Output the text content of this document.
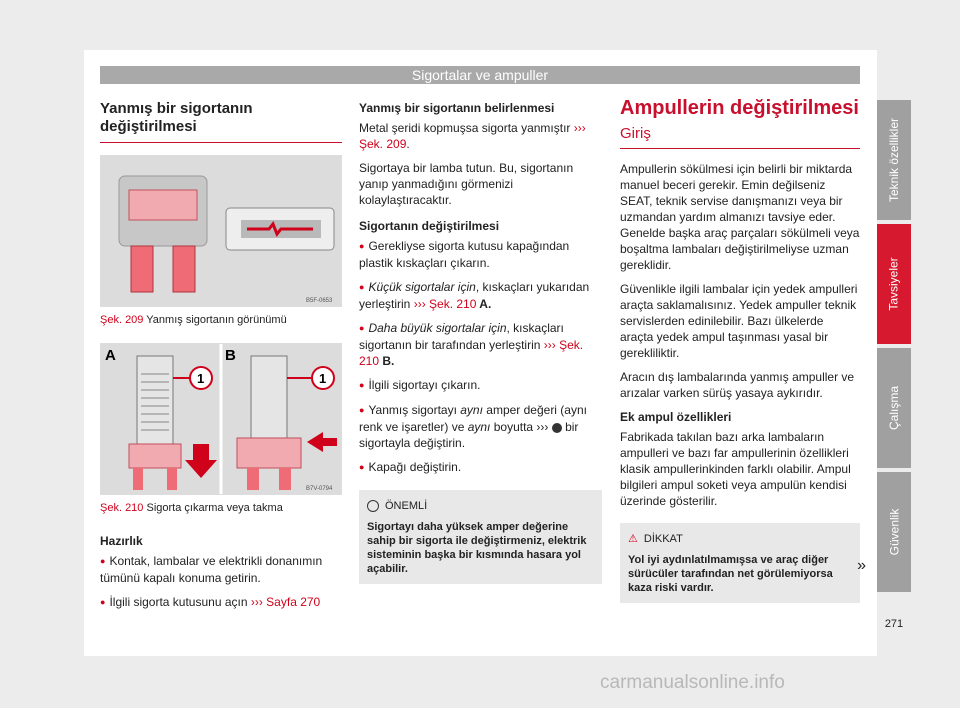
Sigortalar ve ampuller
Yanmış bir sigortanın değiştirilmesi
B5F-0653
Şek. 209 Yanmış sigortanın görünümü
A	B
1	1
B7V-0794
Şek. 210 Sigorta çıkarma veya takma

Hazırlık

● Kontak, lambalar ve elektrikli donanımın tümünü kapalı konuma getirin.

● İlgili sigorta kutusunu açın ››› Sayfa 270

Yanmış bir sigortanın belirlenmesi

Metal şeridi kopmuşsa sigorta yanmıştır ››› Şek. 209.

Sigortaya bir lamba tutun. Bu, sigortanın yanıp yanmadığını görmenizi kolaylaştıracaktır.

Sigortanın değiştirilmesi

● Gerekliyse sigorta kutusu kapağından plastik kıskaçları çıkarın.

● Küçük sigortalar için, kıskaçları yukarıdan yerleştirin ››› Şek. 210 A.

● Daha büyük sigortalar için, kıskaçları sigortanın bir tarafından yerleştirin ››› Şek. 210 B.

● İlgili sigortayı çıkarın.

● Yanmış sigortayı aynı amper değeri (aynı renk ve işaretler) ve aynı boyutta ›››  bir sigortayla değiştirin.

● Kapağı değiştirin.

ÖNEMLİ
Sigortayı daha yüksek amper değerine sahip bir sigorta ile değiştirmeniz, elektrik sisteminin başka bir kısmında hasara yol açabilir.
Ampullerin değiştirilmesi
Giriş

Ampullerin sökülmesi için belirli bir miktarda manuel beceri gerekir. Emin değilseniz SEAT, teknik servise danışmanızı veya bir uzmandan yardım almanızı tavsiye eder. Genelde başka araç parçaları sökülmeli veya boşaltma lambaları değiştirilmeliyse uzman gereklidir.

Güvenlikle ilgili lambalar için yedek ampulleri araçta saklamalısınız. Yedek ampuller teknik servislerden edinilebilir. Bazı ülkelerde araçta yedek ampul taşınması yasal bir gerekliliktir.

Aracın dış lambalarında yanmış ampuller ve arızalar varken sürüş yasaya aykırıdır.

Ek ampul özellikleri

Fabrikada takılan bazı arka lambaların ampulleri ve bazı far ampullerinin özellikleri klasik ampullerinkinden farklı olabilir. Ampul bilgileri ampul soketi veya ampulün kendisi üzerinde gösterilir.

⚠ DİKKAT
Yol iyi aydınlatılmamışsa ve araç diğer sürücüler tarafından net görülemiyorsa kaza riski vardır.
»
Teknik özellikler
Tavsiyeler
Çalışma
Güvenlik
271
carmanualsonline.info
